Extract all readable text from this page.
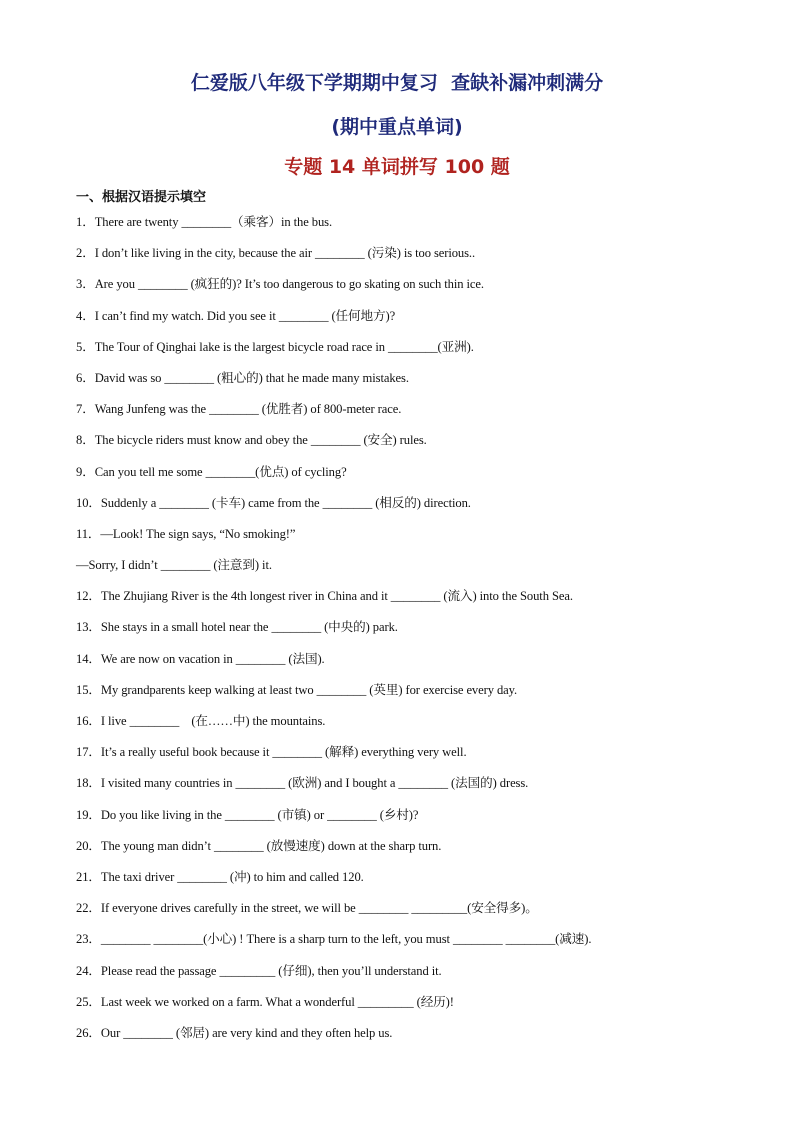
仁爱版八年级下学期期中复习  查缺补漏冲刺满分
(期中重点单词)
专题 14 单词拼写 100 题
一、根据汉语提示填空
1．There are twenty ________（乘客）in the bus.
2．I don’t like living in the city, because the air ________ (污染) is too serious..
3．Are you ________ (疯狂的)? It’s too dangerous to go skating on such thin ice.
4．I can’t find my watch. Did you see it ________ (任何地方)?
5．The Tour of Qinghai lake is the largest bicycle road race in ________(亚洲).
6．David was so ________ (粗心的) that he made many mistakes.
7．Wang Junfeng was the ________ (优胜者) of 800-meter race.
8．The bicycle riders must know and obey the ________ (安全) rules.
9．Can you tell me some ________(优点) of cycling?
10．Suddenly a ________ (卡车) came from the ________ (相反的) direction.
11．—Look! The sign says, “No smoking!”
—Sorry, I didn’t ________ (注意到) it.
12．The Zhujiang River is the 4th longest river in China and it ________ (流入) into the South Sea.
13．She stays in a small hotel near the ________ (中央的) park.
14．We are now on vacation in ________ (法国).
15．My grandparents keep walking at least two ________ (英里) for exercise every day.
16．I live ________    (在……中) the mountains.
17．It’s a really useful book because it ________ (解释) everything very well.
18．I visited many countries in ________ (欧洲) and I bought a ________ (法国的) dress.
19．Do you like living in the ________ (市镇) or ________ (乡村)?
20．The young man didn’t ________ (放慢速度) down at the sharp turn.
21．The taxi driver ________ (冲) to him and called 120.
22．If everyone drives carefully in the street, we will be ________ _________(安全得多)。
23．________ ________(小心) ! There is a sharp turn to the left, you must ________ ________(减速).
24．Please read the passage _________ (仔细), then you’ll understand it.
25．Last week we worked on a farm. What a wonderful _________ (经历)!
26．Our ________ (邻居) are very kind and they often help us.
